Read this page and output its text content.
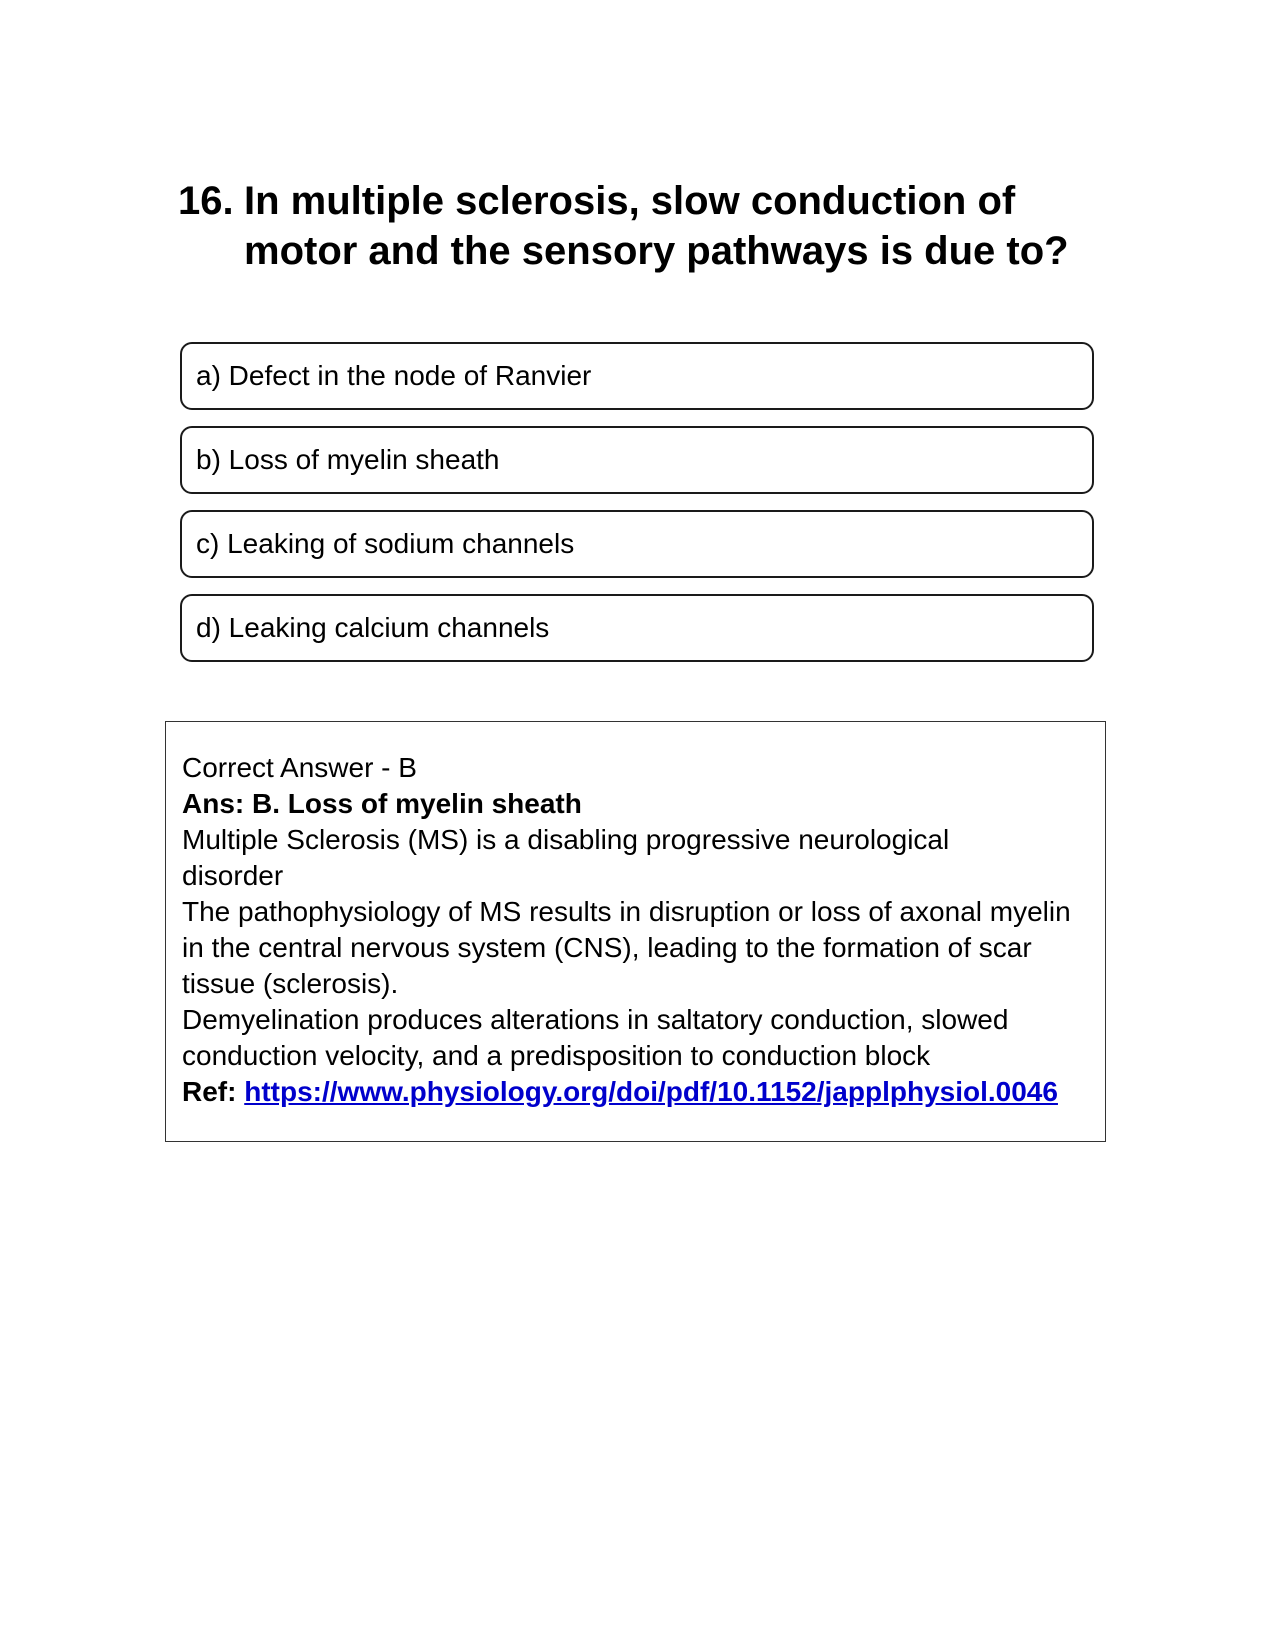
16. In multiple sclerosis, slow conduction of motor and the sensory pathways is due to?
a) Defect in the node of Ranvier
b) Loss of myelin sheath
c) Leaking of sodium channels
d) Leaking calcium channels
Correct Answer - B
Ans: B. Loss of myelin sheath
Multiple Sclerosis (MS) is a disabling progressive neurological disorder
The pathophysiology of MS results in disruption or loss of axonal myelin in the central nervous system (CNS), leading to the formation of scar tissue (sclerosis).
Demyelination produces alterations in saltatory conduction, slowed conduction velocity, and a predisposition to conduction block
Ref: https://www.physiology.org/doi/pdf/10.1152/japplphysiol.0046
